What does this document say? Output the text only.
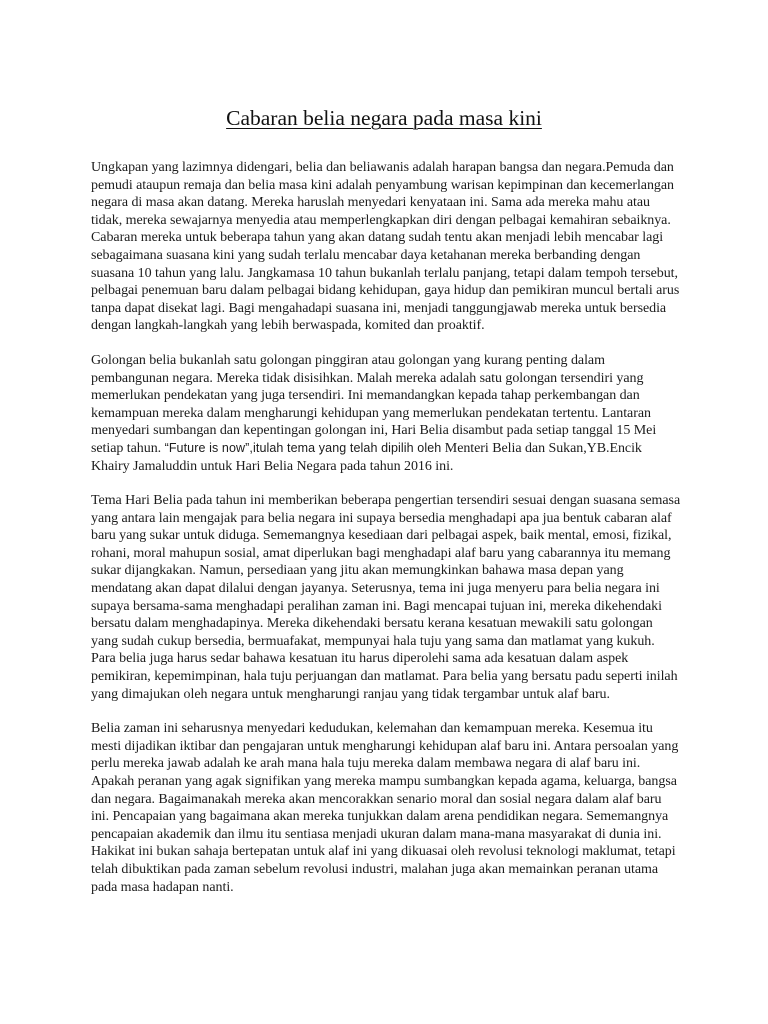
Cabaran belia negara pada masa kini

Ungkapan yang lazimnya didengari, belia dan beliawanis adalah harapan bangsa dan negara.Pemuda dan
pemudi ataupun remaja dan belia masa kini adalah penyambung warisan kepimpinan dan kecemerlangan
negara di masa akan datang. Mereka haruslah menyedari kenyataan ini. Sama ada mereka mahu atau
tidak, mereka sewajarnya menyedia atau memperlengkapkan diri dengan pelbagai kemahiran sebaiknya.
Cabaran mereka untuk beberapa tahun yang akan datang sudah tentu akan menjadi lebih mencabar lagi
sebagaimana suasana kini yang sudah terlalu mencabar daya ketahanan mereka berbanding dengan
suasana 10 tahun yang lalu. Jangkamasa 10 tahun bukanlah terlalu panjang, tetapi dalam tempoh tersebut,
pelbagai penemuan baru dalam pelbagai bidang kehidupan, gaya hidup dan pemikiran muncul bertali arus
tanpa dapat disekat lagi. Bagi mengahadapi suasana ini, menjadi tanggungjawab mereka untuk bersedia
dengan langkah-langkah yang lebih berwaspada, komited dan proaktif.

Golongan belia bukanlah satu golongan pinggiran atau golongan yang kurang penting dalam
pembangunan negara. Mereka tidak disisihkan. Malah mereka adalah satu golongan tersendiri yang
memerlukan pendekatan yang juga tersendiri. Ini memandangkan kepada tahap perkembangan dan
kemampuan mereka dalam mengharungi kehidupan yang memerlukan pendekatan tertentu. Lantaran
menyedari sumbangan dan kepentingan golongan ini, Hari Belia disambut pada setiap tanggal 15 Mei
setiap tahun. “Future is now”,itulah tema yang telah dipilih oleh Menteri Belia dan Sukan,YB.Encik
Khairy Jamaluddin untuk Hari Belia Negara pada tahun 2016 ini.

Tema Hari Belia pada tahun ini memberikan beberapa pengertian tersendiri sesuai dengan suasana semasa
yang antara lain mengajak para belia negara ini supaya bersedia menghadapi apa jua bentuk cabaran alaf
baru yang sukar untuk diduga. Sememangnya kesediaan dari pelbagai aspek, baik mental, emosi, fizikal,
rohani, moral mahupun sosial, amat diperlukan bagi menghadapi alaf baru yang cabarannya itu memang
sukar dijangkakan. Namun, persediaan yang jitu akan memungkinkan bahawa masa depan yang
mendatang akan dapat dilalui dengan jayanya. Seterusnya, tema ini juga menyeru para belia negara ini
supaya bersama-sama menghadapi peralihan zaman ini. Bagi mencapai tujuan ini, mereka dikehendaki
bersatu dalam menghadapinya. Mereka dikehendaki bersatu kerana kesatuan mewakili satu golongan
yang sudah cukup bersedia, bermuafakat, mempunyai hala tuju yang sama dan matlamat yang kukuh.
Para belia juga harus sedar bahawa kesatuan itu harus diperolehi sama ada kesatuan dalam aspek
pemikiran, kepemimpinan, hala tuju perjuangan dan matlamat. Para belia yang bersatu padu seperti inilah
yang dimajukan oleh negara untuk mengharungi ranjau yang tidak tergambar untuk alaf baru.

Belia zaman ini seharusnya menyedari kedudukan, kelemahan dan kemampuan mereka. Kesemua itu
mesti dijadikan iktibar dan pengajaran untuk mengharungi kehidupan alaf baru ini. Antara persoalan yang
perlu mereka jawab adalah ke arah mana hala tuju mereka dalam membawa negara di alaf baru ini.
Apakah peranan yang agak signifikan yang mereka mampu sumbangkan kepada agama, keluarga, bangsa
dan negara. Bagaimanakah mereka akan mencorakkan senario moral dan sosial negara dalam alaf baru
ini. Pencapaian yang bagaimana akan mereka tunjukkan dalam arena pendidikan negara. Sememangnya
pencapaian akademik dan ilmu itu sentiasa menjadi ukuran dalam mana-mana masyarakat di dunia ini.
Hakikat ini bukan sahaja bertepatan untuk alaf ini yang dikuasai oleh revolusi teknologi maklumat, tetapi
telah dibuktikan pada zaman sebelum revolusi industri, malahan juga akan memainkan peranan utama
pada masa hadapan nanti.
